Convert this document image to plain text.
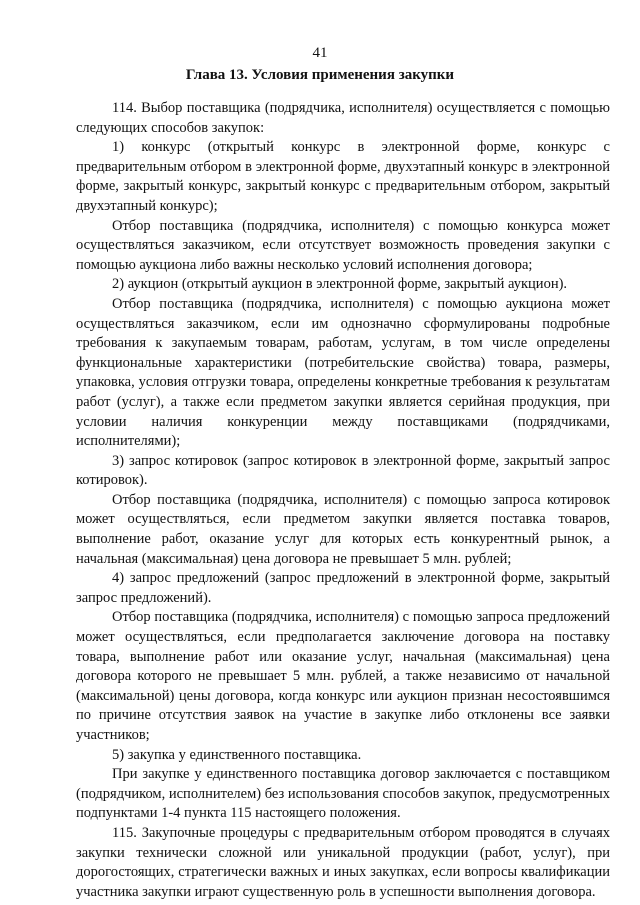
41
Глава 13. Условия применения закупки

114. Выбор поставщика (подрядчика, исполнителя) осуществляется с помощью следующих способов закупок:

1) конкурс (открытый конкурс в электронной форме, конкурс с предварительным отбором в электронной форме, двухэтапный конкурс в электронной форме, закрытый конкурс, закрытый конкурс с предварительным отбором, закрытый двухэтапный конкурс);

Отбор поставщика (подрядчика, исполнителя) с помощью конкурса может осуществляться заказчиком, если отсутствует возможность проведения закупки с помощью аукциона либо важны несколько условий исполнения договора;

2) аукцион (открытый аукцион в электронной форме, закрытый аукцион).

Отбор поставщика (подрядчика, исполнителя) с помощью аукциона может осуществляться заказчиком, если им однозначно сформулированы подробные требования к закупаемым товарам, работам, услугам, в том числе определены функциональные характеристики (потребительские свойства) товара, размеры, упаковка, условия отгрузки товара, определены конкретные требования к результатам работ (услуг), а также если предметом закупки является серийная продукция, при условии наличия конкуренции между поставщиками (подрядчиками, исполнителями);

3) запрос котировок (запрос котировок в электронной форме, закрытый запрос котировок).

Отбор поставщика (подрядчика, исполнителя) с помощью запроса котировок может осуществляться, если предметом закупки является поставка товаров, выполнение работ, оказание услуг для которых есть конкурентный рынок, а начальная (максимальная) цена договора не превышает 5 млн. рублей;

4) запрос предложений (запрос предложений в электронной форме, закрытый запрос предложений).

Отбор поставщика (подрядчика, исполнителя) с помощью запроса предложений может осуществляться, если предполагается заключение договора на поставку товара, выполнение работ или оказание услуг, начальная (максимальная) цена договора которого не превышает 5 млн. рублей, а также независимо от начальной (максимальной) цены договора, когда конкурс или аукцион признан несостоявшимся по причине отсутствия заявок на участие в закупке либо отклонены все заявки участников;

5) закупка у единственного поставщика.

При закупке у единственного поставщика договор заключается с поставщиком (подрядчиком, исполнителем) без использования способов закупок, предусмотренных подпунктами 1-4 пункта 115 настоящего положения.

115. Закупочные процедуры с предварительным отбором проводятся в случаях закупки технически сложной или уникальной продукции (работ, услуг), при дорогостоящих, стратегически важных и иных закупках, если вопросы квалификации участника закупки играют существенную роль в успешности выполнения договора.
